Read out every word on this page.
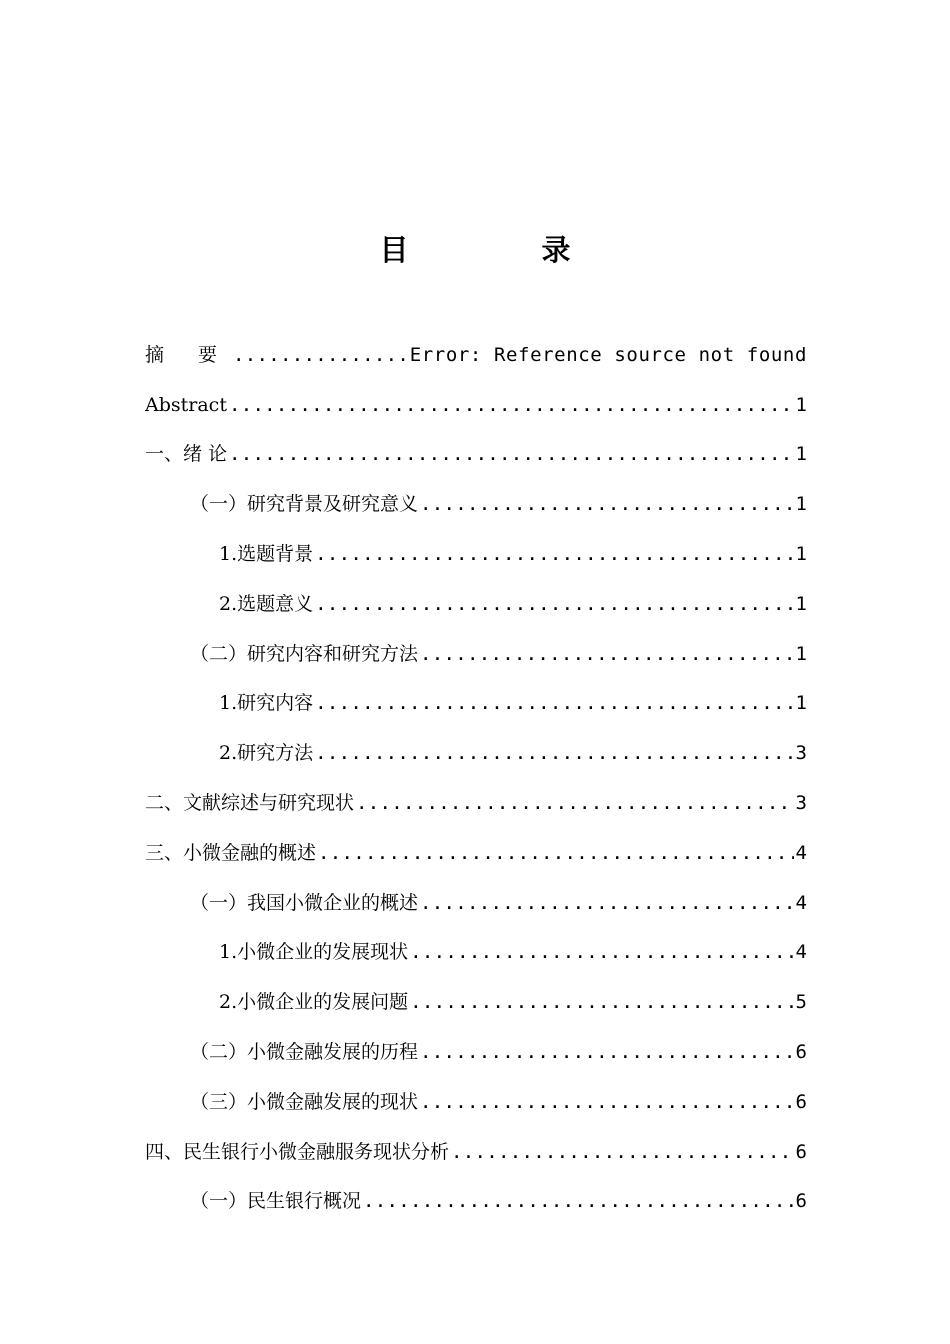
目　录
摘 要 .....	Error: Reference source not found
Abstract .....	1
一、绪 论 .....	1
（一）研究背景及研究意义 .....	1
1.选题背景 .....	1
2.选题意义 .....	1
（二）研究内容和研究方法 .....	1
1.研究内容 .....	1
2.研究方法 .....	3
二、文献综述与研究现状 .....	3
三、小微金融的概述 .....	4
（一）我国小微企业的概述 .....	4
1.小微企业的发展现状 .....	4
2.小微企业的发展问题 .....	5
（二）小微金融发展的历程 .....	6
（三）小微金融发展的现状 .....	6
四、民生银行小微金融服务现状分析 .....	6
（一）民生银行概况 .....	6
